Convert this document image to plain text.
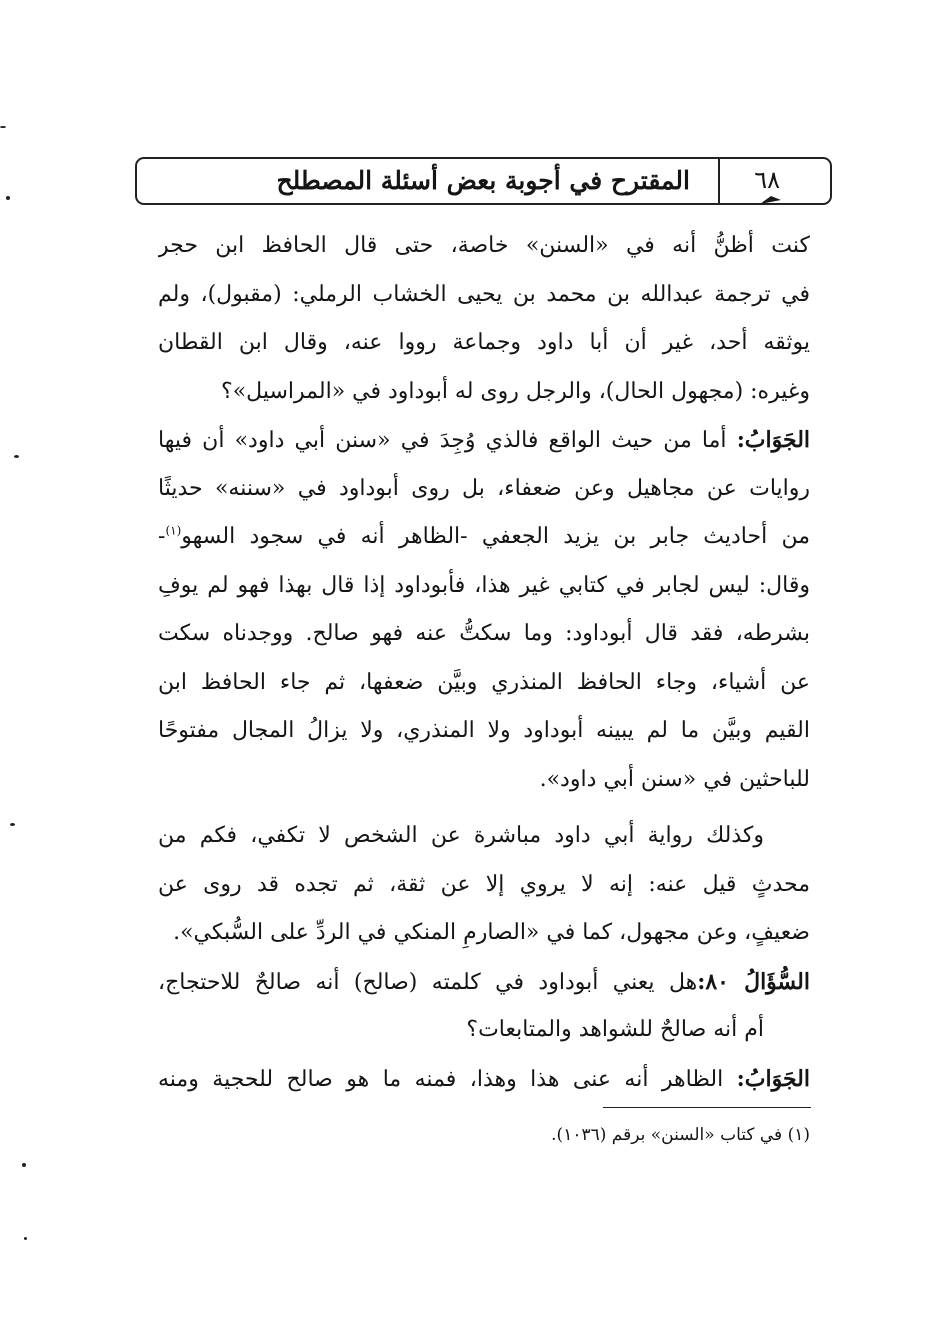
المقترح في أجوبة بعض أسئلة المصطلح	٦٨
كنت أظنُّ أنه في «السنن» خاصة، حتى قال الحافظ ابن حجر
في ترجمة عبدالله بن محمد بن يحيى الخشاب الرملي: (مقبول)، ولم
يوثقه أحد، غير أن أبا داود وجماعة رووا عنه، وقال ابن القطان
وغيره: (مجهول الحال)، والرجل روى له أبوداود في «المراسيل»؟
الجَوَابُ: أما من حيث الواقع فالذي وُجِدَ في «سنن أبي داود» أن فيها
روايات عن مجاهيل وعن ضعفاء، بل روى أبوداود في «سننه» حديثًا
من أحاديث جابر بن يزيد الجعفي -الظاهر أنه في سجود السهو$^{(١)}$-
وقال: ليس لجابر في كتابي غير هذا، فأبوداود إذا قال بهذا فهو لم يوفِ
بشرطه، فقد قال أبوداود: وما سكتُّ عنه فهو صالح. ووجدناه سكت
عن أشياء، وجاء الحافظ المنذري وبيَّن ضعفها، ثم جاء الحافظ ابن
القيم وبيَّن ما لم يبينه أبوداود ولا المنذري، ولا يزالُ المجال مفتوحًا
للباحثين في «سنن أبي داود».
وكذلك رواية أبي داود مباشرة عن الشخص لا تكفي، فكم من
محدثٍ قيل عنه: إنه لا يروي إلا عن ثقة، ثم تجده قد روى عن
ضعيفٍ، وعن مجهول، كما في «الصارمِ المنكي في الردِّ على السُّبكي».
السُّؤَالُ ٨٠:هل يعني أبوداود في كلمته (صالح) أنه صالحٌ للاحتجاج،
أم أنه صالحٌ للشواهد والمتابعات؟
الجَوَابُ: الظاهر أنه عنى هذا وهذا، فمنه ما هو صالح للحجية ومنه
(١) في كتاب «السنن» برقم (١٠٣٦).
